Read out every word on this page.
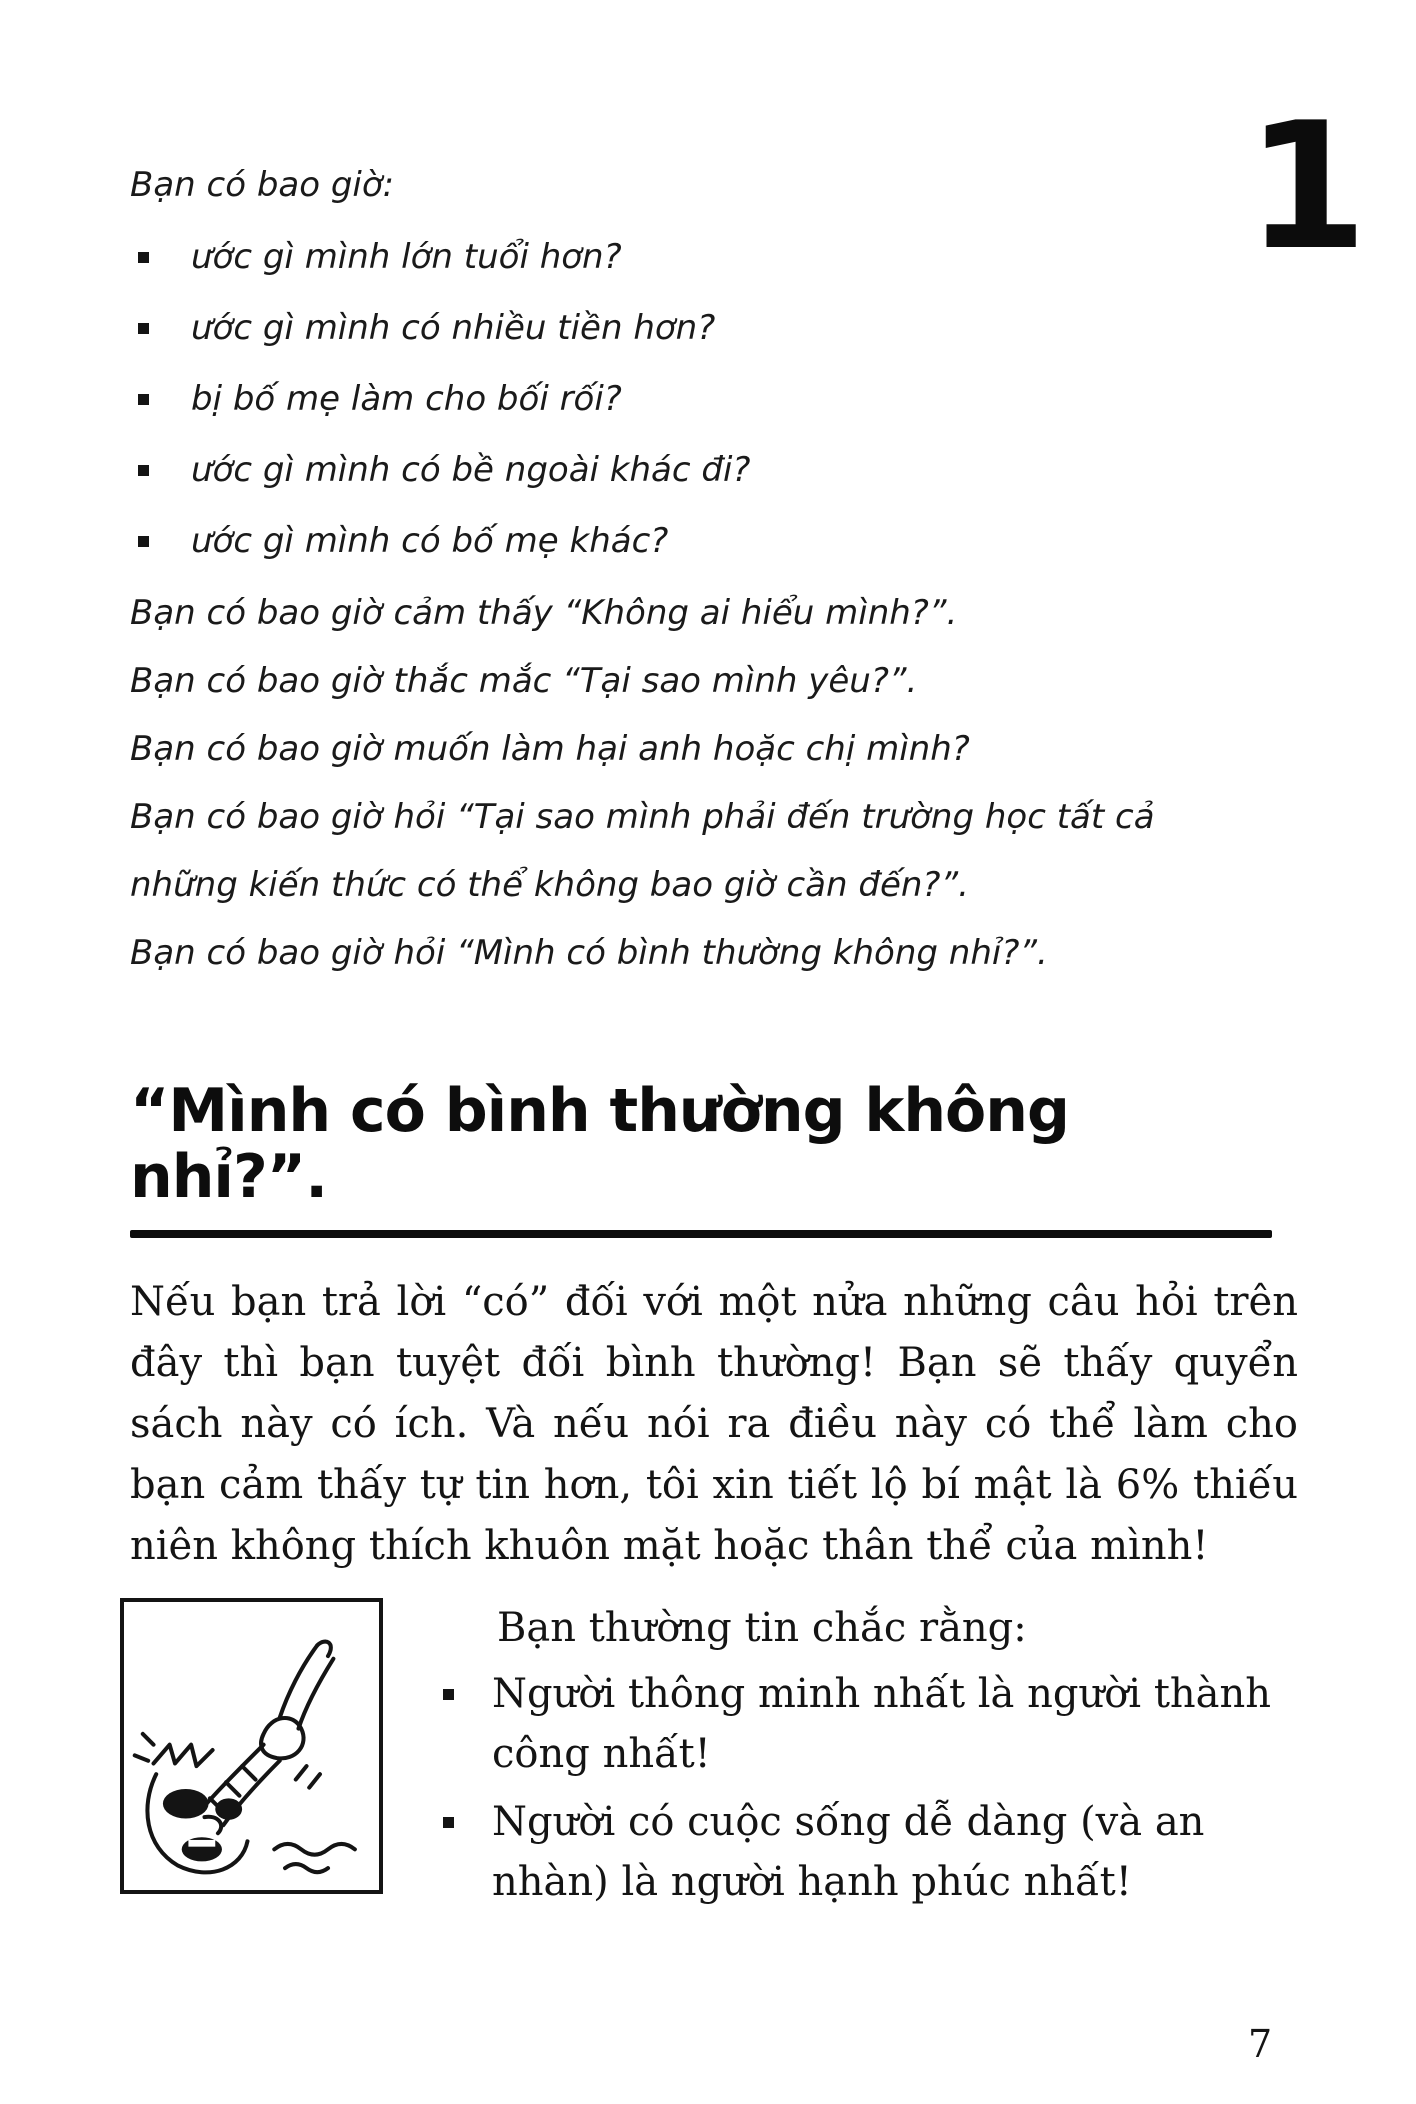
1

Bạn có bao giờ:

ước gì mình lớn tuổi hơn?
ước gì mình có nhiều tiền hơn?
bị bố mẹ làm cho bối rối?
ước gì mình có bề ngoài khác đi?
ước gì mình có bố mẹ khác?

Bạn có bao giờ cảm thấy “Không ai hiểu mình?”.

Bạn có bao giờ thắc mắc “Tại sao mình yêu?”.

Bạn có bao giờ muốn làm hại anh hoặc chị mình?

Bạn có bao giờ hỏi “Tại sao mình phải đến trường học tất cả những kiến thức có thể không bao giờ cần đến?”.

Bạn có bao giờ hỏi “Mình có bình thường không nhỉ?”.

“Mình có bình thường không nhỉ?”.

Nếu bạn trả lời “có” đối với một nửa những câu hỏi trên đây thì bạn tuyệt đối bình thường! Bạn sẽ thấy quyển sách này có ích. Và nếu nói ra điều này có thể làm cho bạn cảm thấy tự tin hơn, tôi xin tiết lộ bí mật là 6% thiếu niên không thích khuôn mặt hoặc thân thể của mình!

Bạn thường tin chắc rằng:

Người thông minh nhất là người thành công nhất!
Người có cuộc sống dễ dàng (và an nhàn) là người hạnh phúc nhất!
7
